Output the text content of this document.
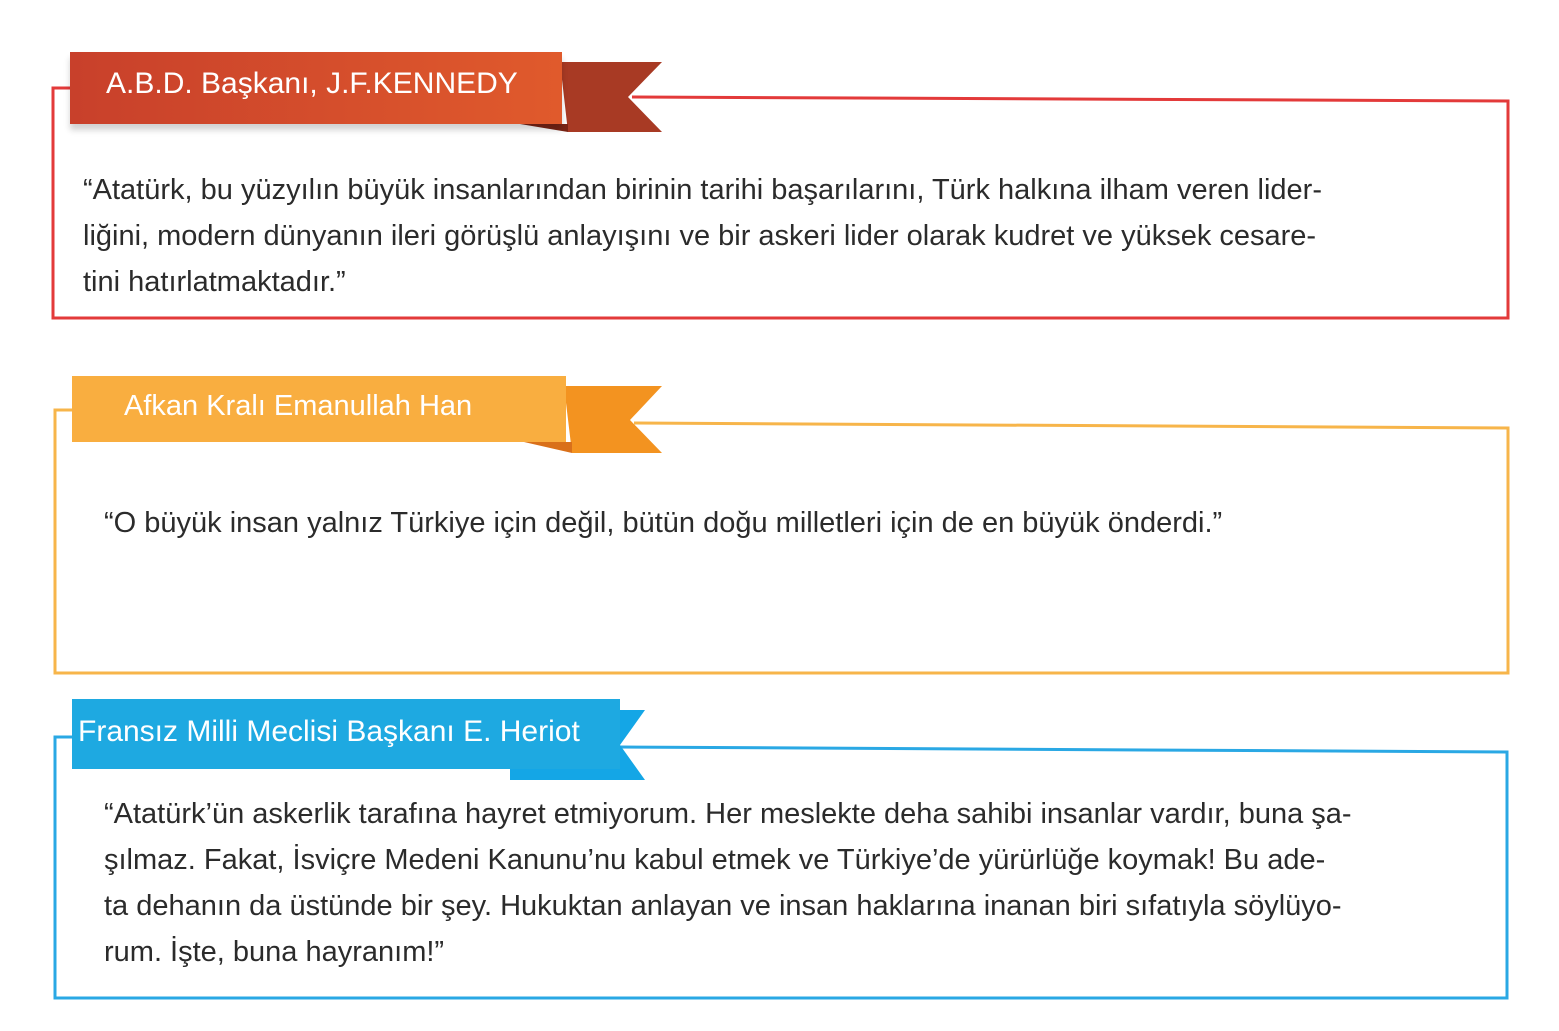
A.B.D. Başkanı, J.F.KENNEDY
“Atatürk, bu yüzyılın büyük insanlarından birinin tarihi başarılarını, Türk halkına ilham veren lider-
liğini, modern dünyanın ileri görüşlü anlayışını ve bir askeri lider olarak kudret ve yüksek cesare-
tini hatırlatmaktadır.”
Afkan Kralı Emanullah Han
“O büyük insan yalnız Türkiye için değil, bütün doğu milletleri için de en büyük önderdi.”
Fransız Milli Meclisi Başkanı E. Heriot
“Atatürk’ün askerlik tarafına hayret etmiyorum. Her meslekte deha sahibi insanlar vardır, buna şa-
şılmaz. Fakat, İsviçre Medeni Kanunu’nu kabul etmek ve Türkiye’de yürürlüğe koymak! Bu ade-
ta dehanın da üstünde bir şey. Hukuktan anlayan ve insan haklarına inanan biri sıfatıyla söylüyo-
rum. İşte, buna hayranım!”
